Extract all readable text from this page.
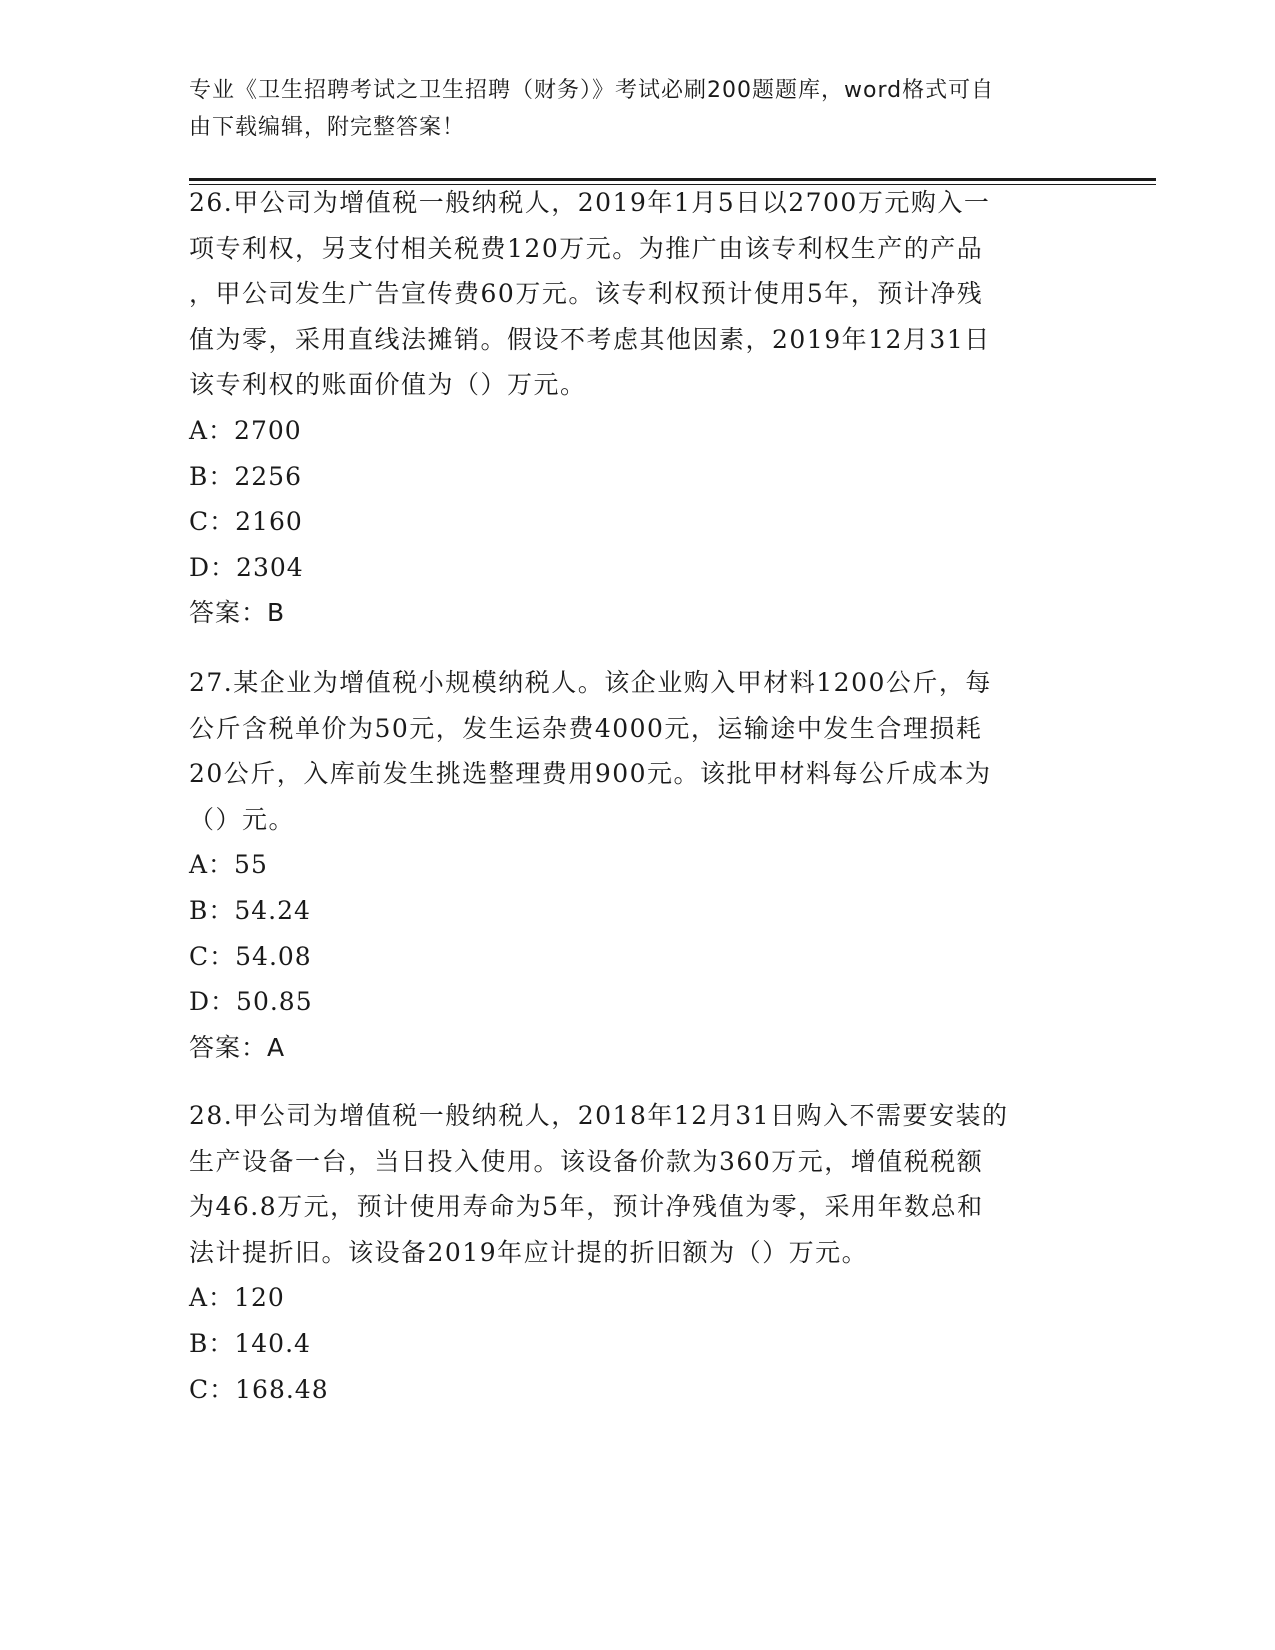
专业《卫生招聘考试之卫生招聘（财务）》考试必刷200题题库，word格式可自
由下载编辑，附完整答案！
26.甲公司为增值税一般纳税人，2019年1月5日以2700万元购入一
项专利权，另支付相关税费120万元。为推广由该专利权生产的产品
，甲公司发生广告宣传费60万元。该专利权预计使用5年，预计净残
值为零，采用直线法摊销。假设不考虑其他因素，2019年12月31日
该专利权的账面价值为（）万元。
A：2700
B：2256
C：2160
D：2304
答案：B
27.某企业为增值税小规模纳税人。该企业购入甲材料1200公斤，每
公斤含税单价为50元，发生运杂费4000元，运输途中发生合理损耗
20公斤，入库前发生挑选整理费用900元。该批甲材料每公斤成本为
（）元。
A：55
B：54.24
C：54.08
D：50.85
答案：A
28.甲公司为增值税一般纳税人，2018年12月31日购入不需要安装的
生产设备一台，当日投入使用。该设备价款为360万元，增值税税额
为46.8万元，预计使用寿命为5年，预计净残值为零，采用年数总和
法计提折旧。该设备2019年应计提的折旧额为（）万元。
A：120
B：140.4
C：168.48
